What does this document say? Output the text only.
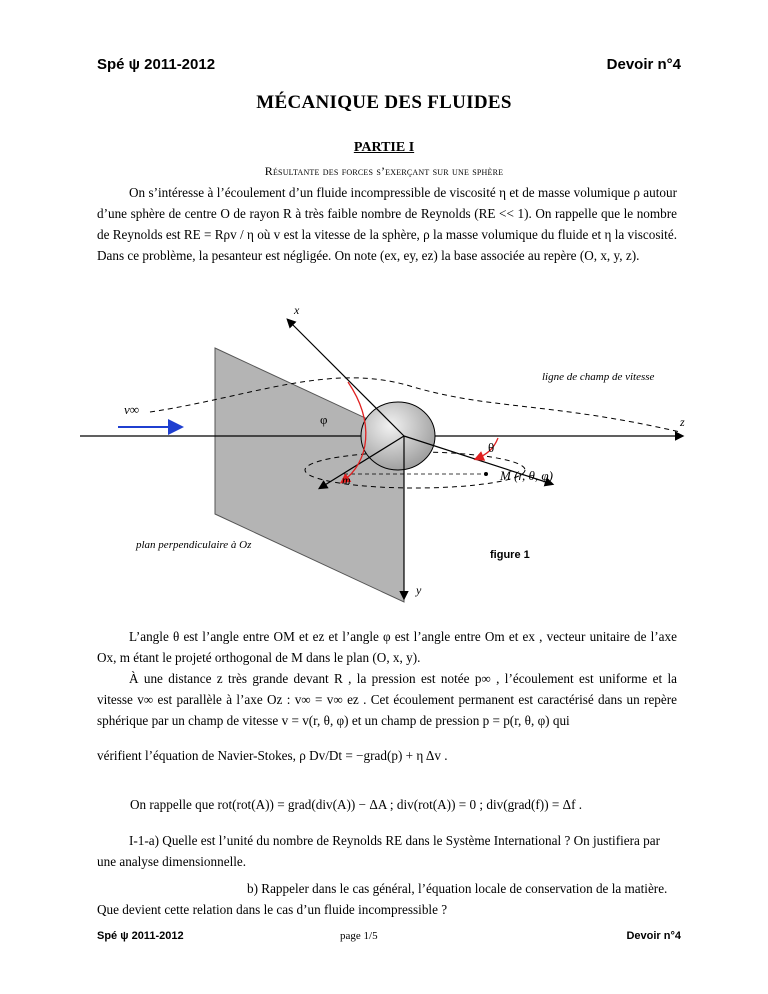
Spé ψ 2011-2012	Devoir n°4
MÉCANIQUE DES FLUIDES
PARTIE I
Résultante des forces s’exerçant sur une sphère
On s’intéresse à l’écoulement d’un fluide incompressible de viscosité η et de masse volumique ρ autour d’une sphère de centre O de rayon R à très faible nombre de Reynolds (RE << 1). On rappelle que le nombre de Reynolds est RE = Rρv / η où v est la vitesse de la sphère, ρ la masse volumique du fluide et η la viscosité. Dans ce problème, la pesanteur est négligée. On note (ex, ey, ez) la base associée au repère (O, x, y, z).
x
y
z
v∞
φ
θ
m	M (r, θ, φ)
ligne de champ de vitesse
plan perpendiculaire à Oz
figure 1
L’angle θ est l’angle entre OM et ez et l’angle φ est l’angle entre Om et ex , vecteur unitaire de l’axe Ox, m étant le projeté orthogonal de M dans le plan (O, x, y).
À une distance z très grande devant R , la pression est notée p∞ , l’écoulement est uniforme et la vitesse v∞ est parallèle à l’axe Oz : v∞ = v∞ ez . Cet écoulement permanent est caractérisé dans un repère sphérique par un champ de vitesse v = v(r, θ, φ) et un champ de pression p = p(r, θ, φ) qui
vérifient l’équation de Navier-Stokes, ρ Dv/Dt = −grad(p) + η Δv .
On rappelle que rot(rot(A)) = grad(div(A)) − ΔA ; div(rot(A)) = 0 ; div(grad(f)) = Δf .
I-1-a) Quelle est l’unité du nombre de Reynolds RE dans le Système International ? On justifiera par une analyse dimensionnelle.
b) Rappeler dans le cas général, l’équation locale de conservation de la matière. Que devient cette relation dans le cas d’un fluide incompressible ?
Spé ψ 2011-2012	page 1/5	Devoir n°4
